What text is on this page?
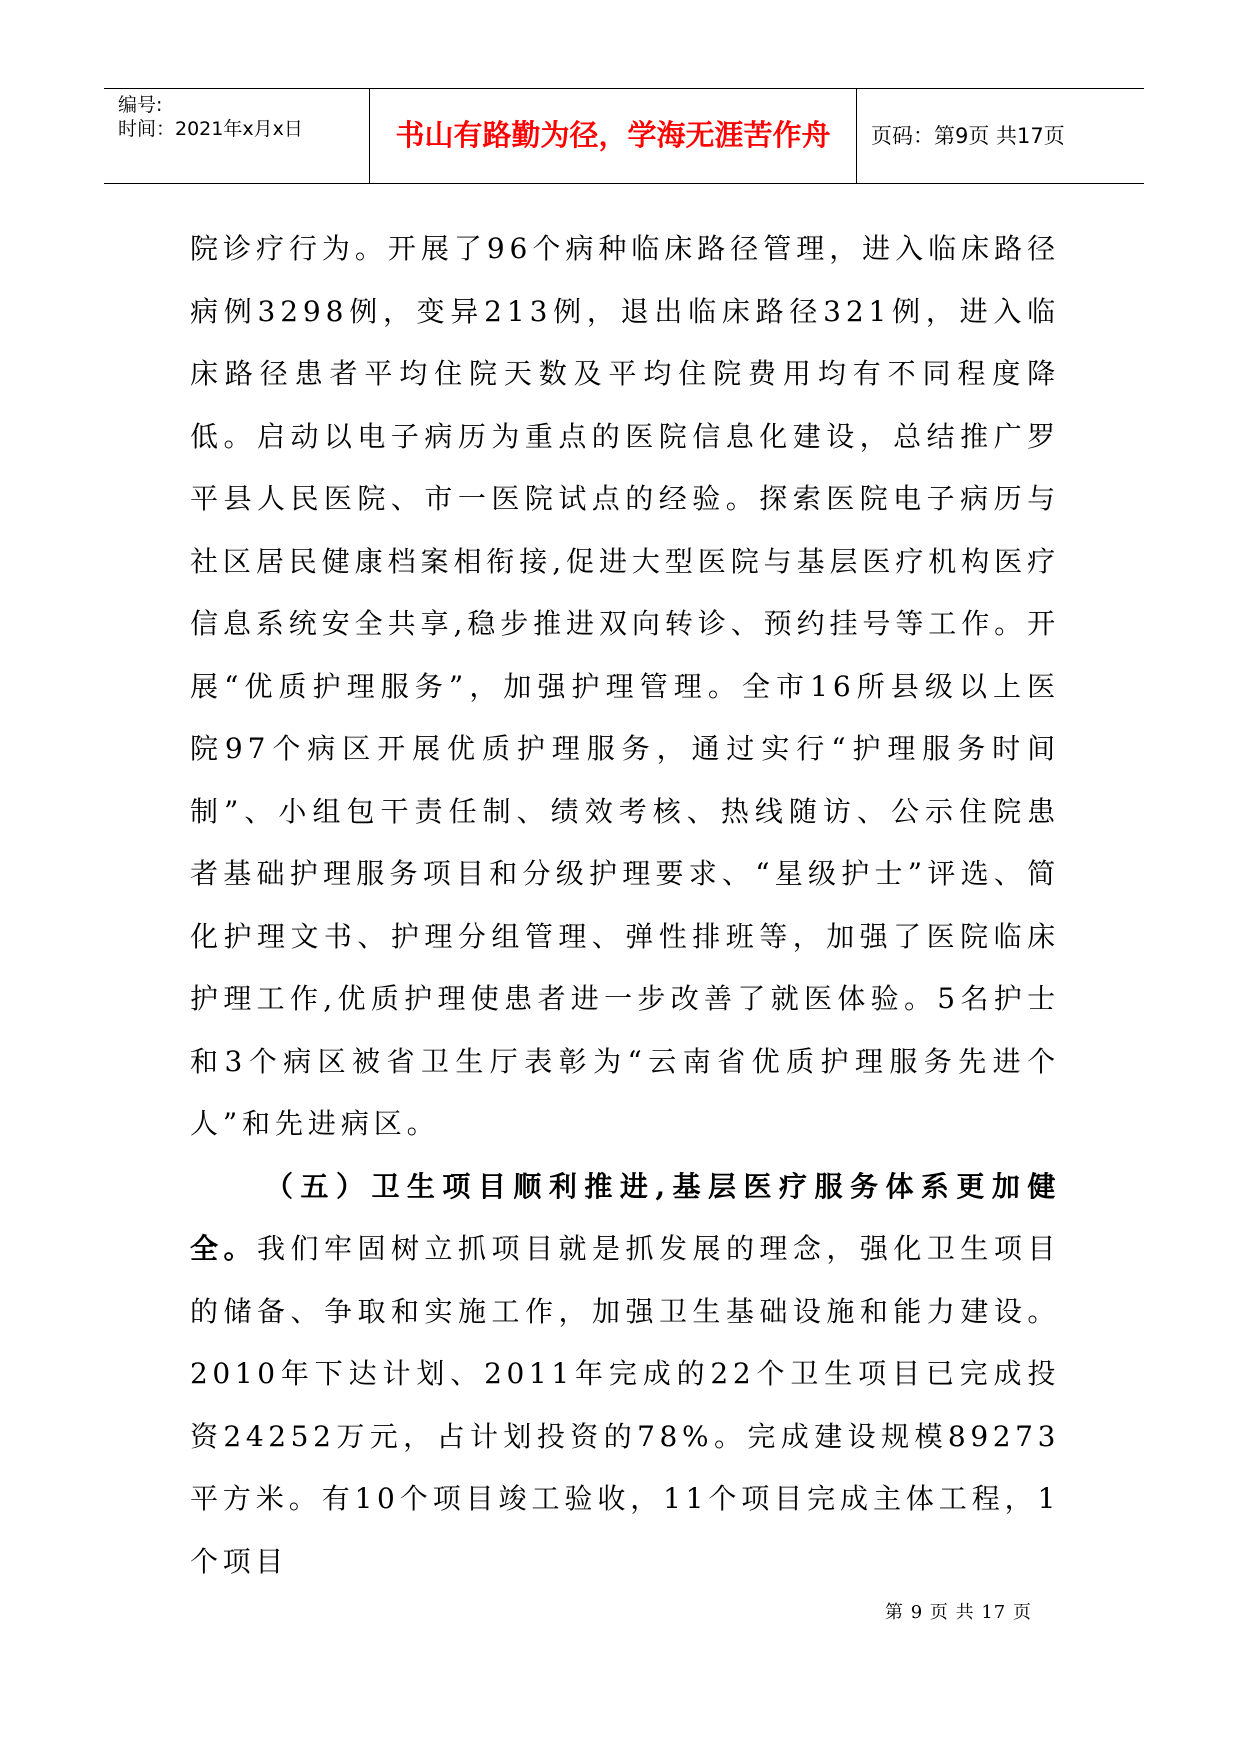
编号:
时间：2021年x月x日	书山有路勤为径，学海无涯苦作舟	页码：第9页 共17页

院诊疗行为。开展了96个病种临床路径管理，进入临床路径病例3298例，变异213例，退出临床路径321例，进入临床路径患者平均住院天数及平均住院费用均有不同程度降低。启动以电子病历为重点的医院信息化建设，总结推广罗平县人民医院、市一医院试点的经验。探索医院电子病历与社区居民健康档案相衔接,促进大型医院与基层医疗机构医疗信息系统安全共享,稳步推进双向转诊、预约挂号等工作。开展“优质护理服务”，加强护理管理。全市16所县级以上医院97个病区开展优质护理服务，通过实行“护理服务时间制”、小组包干责任制、绩效考核、热线随访、公示住院患者基础护理服务项目和分级护理要求、“星级护士”评选、简化护理文书、护理分组管理、弹性排班等，加强了医院临床护理工作,优质护理使患者进一步改善了就医体验。5名护士和3个病区被省卫生厅表彰为“云南省优质护理服务先进个人”和先进病区。

（五）卫生项目顺利推进,基层医疗服务体系更加健全。我们牢固树立抓项目就是抓发展的理念，强化卫生项目的储备、争取和实施工作，加强卫生基础设施和能力建设。2010年下达计划、2011年完成的22个卫生项目已完成投资24252万元，占计划投资的78%。完成建设规模89273平方米。有10个项目竣工验收，11个项目完成主体工程，1个项目

第 9 页 共 17 页
